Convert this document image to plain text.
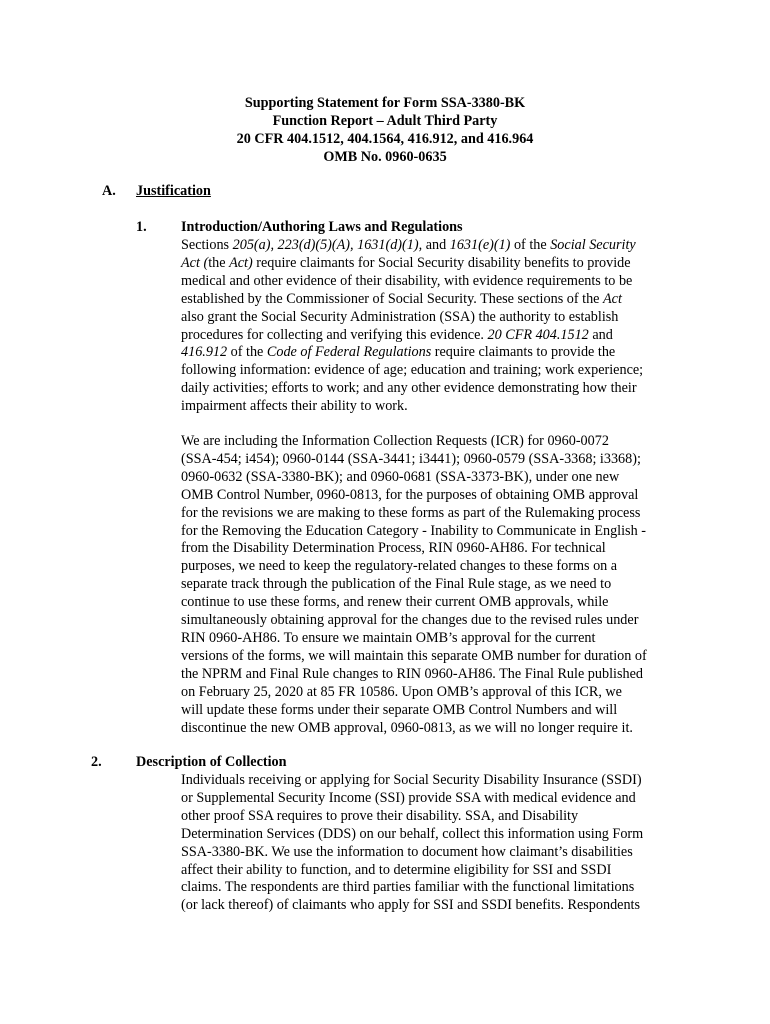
Supporting Statement for Form SSA-3380-BK
Function Report – Adult Third Party
20 CFR 404.1512, 404.1564, 416.912, and 416.964
OMB No. 0960-0635
A. Justification
1. Introduction/Authoring Laws and Regulations
Sections 205(a), 223(d)(5)(A), 1631(d)(1), and 1631(e)(1) of the Social Security
Act (the Act) require claimants for Social Security disability benefits to provide
medical and other evidence of their disability, with evidence requirements to be
established by the Commissioner of Social Security. These sections of the Act
also grant the Social Security Administration (SSA) the authority to establish
procedures for collecting and verifying this evidence. 20 CFR 404.1512 and
416.912 of the Code of Federal Regulations require claimants to provide the
following information: evidence of age; education and training; work experience;
daily activities; efforts to work; and any other evidence demonstrating how their
impairment affects their ability to work.
We are including the Information Collection Requests (ICR) for 0960-0072
(SSA-454; i454); 0960-0144 (SSA-3441; i3441); 0960-0579 (SSA-3368; i3368);
0960-0632 (SSA-3380-BK); and 0960-0681 (SSA-3373-BK), under one new
OMB Control Number, 0960-0813, for the purposes of obtaining OMB approval
for the revisions we are making to these forms as part of the Rulemaking process
for the Removing the Education Category - Inability to Communicate in English -
from the Disability Determination Process, RIN 0960-AH86. For technical
purposes, we need to keep the regulatory-related changes to these forms on a
separate track through the publication of the Final Rule stage, as we need to
continue to use these forms, and renew their current OMB approvals, while
simultaneously obtaining approval for the changes due to the revised rules under
RIN 0960-AH86. To ensure we maintain OMB’s approval for the current
versions of the forms, we will maintain this separate OMB number for duration of
the NPRM and Final Rule changes to RIN 0960-AH86. The Final Rule published
on February 25, 2020 at 85 FR 10586. Upon OMB’s approval of this ICR, we
will update these forms under their separate OMB Control Numbers and will
discontinue the new OMB approval, 0960-0813, as we will no longer require it.
2. Description of Collection
Individuals receiving or applying for Social Security Disability Insurance (SSDI)
or Supplemental Security Income (SSI) provide SSA with medical evidence and
other proof SSA requires to prove their disability. SSA, and Disability
Determination Services (DDS) on our behalf, collect this information using Form
SSA-3380-BK. We use the information to document how claimant’s disabilities
affect their ability to function, and to determine eligibility for SSI and SSDI
claims. The respondents are third parties familiar with the functional limitations
(or lack thereof) of claimants who apply for SSI and SSDI benefits. Respondents
